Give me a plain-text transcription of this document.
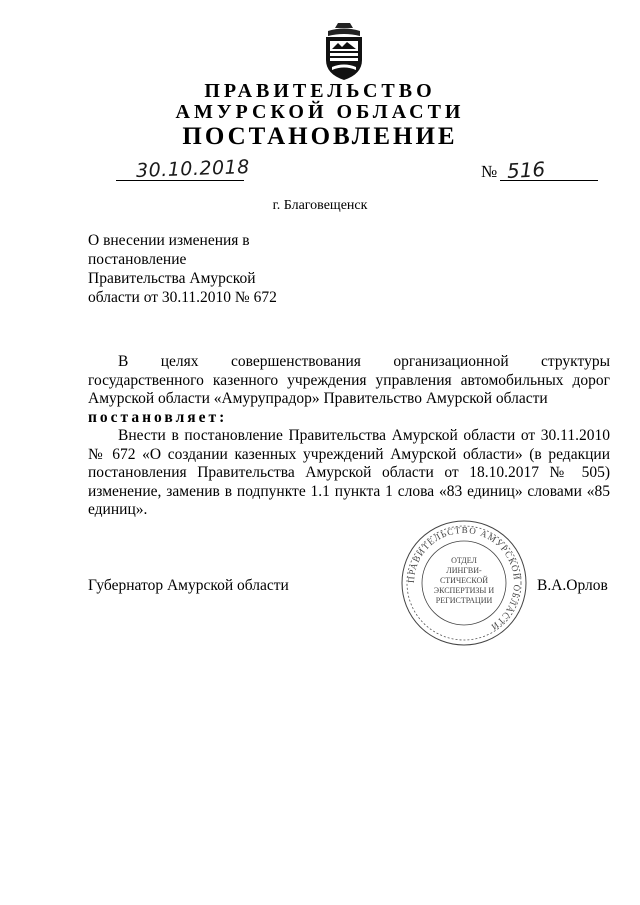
ПРАВИТЕЛЬСТВО
АМУРСКОЙ ОБЛАСТИ
ПОСТАНОВЛЕНИЕ
30.10.2018	№ 516
г. Благовещенск
О внесении изменения в
постановление
Правительства Амурской
области от 30.11.2010 № 672
В целях совершенствования организационной структуры
государственного казенного учреждения управления автомобильных дорог
Амурской области «Амурупрадор» Правительство Амурской области
постановляет:
Внести в постановление Правительства Амурской области от 30.11.2010
№ 672 «О создании казенных учреждений Амурской области» (в редакции
постановления Правительства Амурской области от 18.10.2017 № 505)
изменение, заменив в подпункте 1.1 пункта 1 слова «83 единиц» словами «85
единиц».
Губернатор Амурской области	В.А.Орлов
ПРАВИТЕЛЬСТВО АМУРСКОЙ ОБЛАСТИ
ОТДЕЛ
ЛИНГВИ-
СТИЧЕСКОЙ
ЭКСПЕРТИЗЫ И
РЕГИСТРАЦИИ
